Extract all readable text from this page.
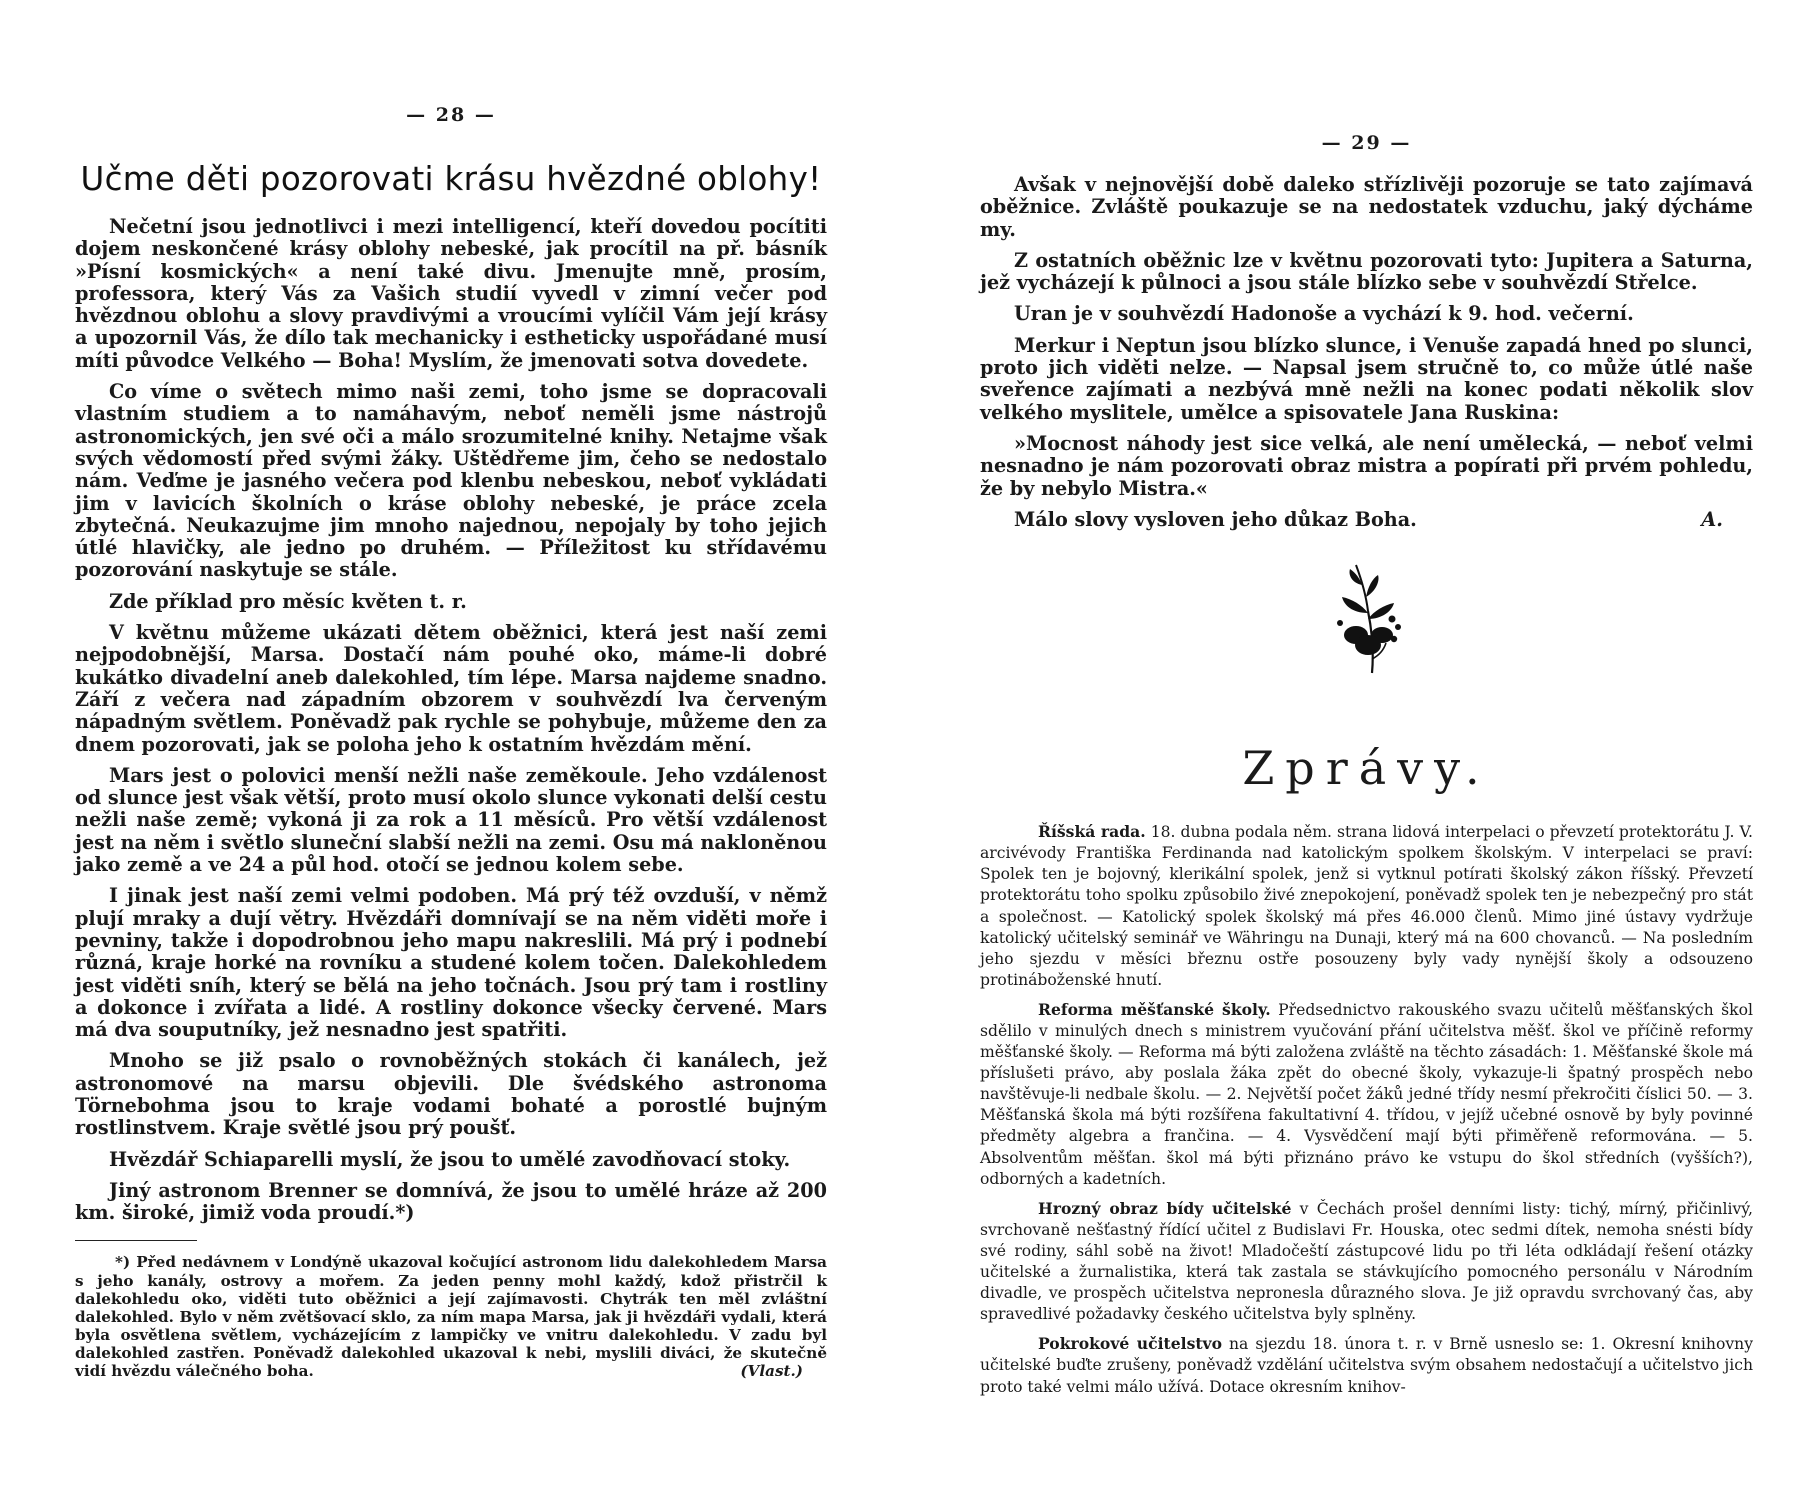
— 28 —
Učme děti pozorovati krásu hvězdné oblohy!

Nečetní jsou jednotlivci i mezi intelligencí, kteří dovedou pocítiti dojem neskončené krásy oblohy nebeské, jak procítil na př. básník »Písní kosmických« a není také divu. Jmenujte mně, prosím, professora, který Vás za Vašich studií vyvedl v zimní večer pod hvězdnou oblohu a slovy pravdivými a vroucími vylíčil Vám její krásy a upozornil Vás, že dílo tak mechanicky i estheticky uspořádané musí míti původce Velkého — Boha! Myslím, že jmenovati sotva dovedete.

Co víme o světech mimo naši zemi, toho jsme se dopracovali vlastním studiem a to namáhavým, neboť neměli jsme nástrojů astronomických, jen své oči a málo srozumitelné knihy. Netajme však svých vědomostí před svými žáky. Uštědřeme jim, čeho se nedostalo nám. Veďme je jasného večera pod klenbu nebeskou, neboť vykládati jim v lavicích školních o kráse oblohy nebeské, je práce zcela zbytečná. Neukazujme jim mnoho najednou, nepojaly by toho jejich útlé hlavičky, ale jedno po druhém. — Příležitost ku střídavému pozorování naskytuje se stále.

Zde příklad pro měsíc květen t. r.

V květnu můžeme ukázati dětem oběžnici, která jest naší zemi nejpodobnější, Marsa. Dostačí nám pouhé oko, máme-li dobré kukátko divadelní aneb dalekohled, tím lépe. Marsa najdeme snadno. Září z večera nad západním obzorem v souhvězdí lva červeným nápadným světlem. Poněvadž pak rychle se pohybuje, můžeme den za dnem pozorovati, jak se poloha jeho k ostatním hvězdám mění.

Mars jest o polovici menší nežli naše zeměkoule. Jeho vzdálenost od slunce jest však větší, proto musí okolo slunce vykonati delší cestu nežli naše země; vykoná ji za rok a 11 měsíců. Pro větší vzdálenost jest na něm i světlo sluneční slabší nežli na zemi. Osu má nakloněnou jako země a ve 24 a půl hod. otočí se jednou kolem sebe.

I jinak jest naší zemi velmi podoben. Má prý též ovzduší, v němž plují mraky a dují větry. Hvězdáři domnívají se na něm viděti moře i pevniny, takže i dopodrobnou jeho mapu nakreslili. Má prý i podnebí různá, kraje horké na rovníku a studené kolem točen. Dalekohledem jest viděti sníh, který se bělá na jeho točnách. Jsou prý tam i rostliny a dokonce i zvířata a lidé. A rostliny dokonce všecky červené. Mars má dva souputníky, jež nesnadno jest spatřiti.

Mnoho se již psalo o rovnoběžných stokách či kanálech, jež astronomové na marsu objevili. Dle švédského astronoma Törnebohma jsou to kraje vodami bohaté a porostlé bujným rostlinstvem. Kraje světlé jsou prý poušť.

Hvězdář Schiaparelli myslí, že jsou to umělé zavodňovací stoky.

Jiný astronom Brenner se domnívá, že jsou to umělé hráze až 200 km. široké, jimiž voda proudí.*)

*) Před nedávnem v Londýně ukazoval kočující astronom lidu dalekohledem Marsa s jeho kanály, ostrovy a mořem. Za jeden penny mohl každý, kdož přistrčil k dalekohledu oko, viděti tuto oběžnici a její zajímavosti. Chytrák ten měl zvláštní dalekohled. Bylo v něm zvětšovací sklo, za ním mapa Marsa, jak ji hvězdáři vydali, která byla osvětlena světlem, vycházejícím z lampičky ve vnitru dalekohledu. V zadu byl dalekohled zastřen. Poněvadž dalekohled ukazoval k nebi, myslili diváci, že skutečně vidí hvězdu válečného boha.	(Vlast.)

— 29 —

Avšak v nejnovější době daleko střízlivěji pozoruje se tato zajímavá oběžnice. Zvláště poukazuje se na nedostatek vzduchu, jaký dýcháme my.

Z ostatních oběžnic lze v květnu pozorovati tyto: Jupitera a Saturna, jež vycházejí k půlnoci a jsou stále blízko sebe v souhvězdí Střelce.

Uran je v souhvězdí Hadonoše a vychází k 9. hod. večerní.

Merkur i Neptun jsou blízko slunce, i Venuše zapadá hned po slunci, proto jich viděti nelze. — Napsal jsem stručně to, co může útlé naše sveřence zajímati a nezbývá mně nežli na konec podati několik slov velkého myslitele, umělce a spisovatele Jana Ruskina:

»Mocnost náhody jest sice velká, ale není umělecká, — neboť velmi nesnadno je nám pozorovati obraz mistra a popírati při prvém pohledu, že by nebylo Mistra.«

Málo slovy vysloven jeho důkaz Boha.	A.

Zprávy.

Říšská rada. 18. dubna podala něm. strana lidová interpelaci o převzetí protektorátu J. V. arcivévody Františka Ferdinanda nad katolickým spolkem školským. V interpelaci se praví: Spolek ten je bojovný, klerikální spolek, jenž si vytknul potírati školský zákon říšský. Převzetí protektorátu toho spolku způsobilo živé znepokojení, poněvadž spolek ten je nebezpečný pro stát a společnost. — Katolický spolek školský má přes 46.000 členů. Mimo jiné ústavy vydržuje katolický učitelský seminář ve Währingu na Dunaji, který má na 600 chovanců. — Na posledním jeho sjezdu v měsíci březnu ostře posouzeny byly vady nynější školy a odsouzeno protináboženské hnutí.

Reforma měšťanské školy. Předsednictvo rakouského svazu učitelů měšťanských škol sdělilo v minulých dnech s ministrem vyučování přání učitelstva měšť. škol ve příčině reformy měšťanské školy. — Reforma má býti založena zvláště na těchto zásadách: 1. Měšťanské škole má příslušeti právo, aby poslala žáka zpět do obecné školy, vykazuje-li špatný prospěch nebo navštěvuje-li nedbale školu. — 2. Největší počet žáků jedné třídy nesmí překročiti číslici 50. — 3. Měšťanská škola má býti rozšířena fakultativní 4. třídou, v jejíž učebné osnově by byly povinné předměty algebra a frančina. — 4. Vysvědčení mají býti přiměřeně reformována. — 5. Absolventům měšťan. škol má býti přiznáno právo ke vstupu do škol středních (vyšších?), odborných a kadetních.

Hrozný obraz bídy učitelské v Čechách prošel denními listy: tichý, mírný, přičinlivý, svrchovaně nešťastný řídící učitel z Budislavi Fr. Houska, otec sedmi dítek, nemoha snésti bídy své rodiny, sáhl sobě na život! Mladočeští zástupcové lidu po tři léta odkládají řešení otázky učitelské a žurnalistika, která tak zastala se stávkujícího pomocného personálu v Národním divadle, ve prospěch učitelstva nepronesla důrazného slova. Je již opravdu svrchovaný čas, aby spravedlivé požadavky českého učitelstva byly splněny.

Pokrokové učitelstvo na sjezdu 18. února t. r. v Brně usneslo se: 1. Okresní knihovny učitelské buďte zrušeny, poněvadž vzdělání učitelstva svým obsahem nedostačují a učitelstvo jich proto také velmi málo užívá. Dotace okresním knihov-
